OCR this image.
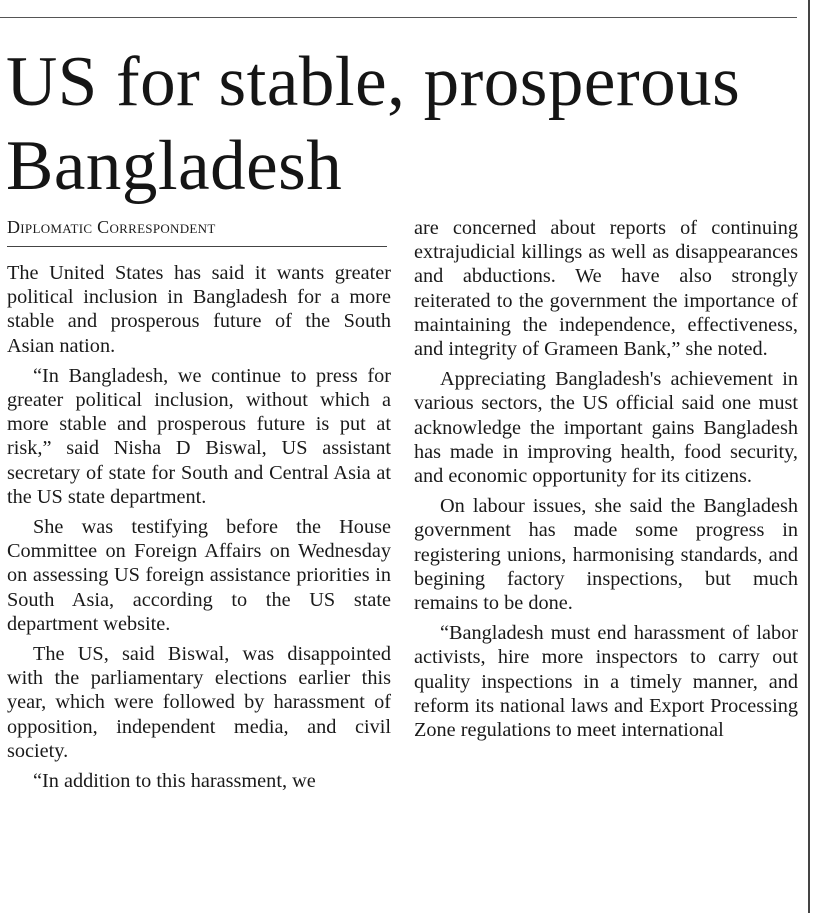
US for stable, prosperous Bangladesh
Diplomatic Correspondent

The United States has said it wants greater political inclusion in Bangladesh for a more stable and prosperous future of the South Asian nation.

“In Bangladesh, we continue to press for greater political inclusion, without which a more stable and prosperous future is put at risk,” said Nisha D Biswal, US assistant secretary of state for South and Central Asia at the US state department.

She was testifying before the House Committee on Foreign Affairs on Wednesday on assessing US foreign assistance priorities in South Asia, according to the US state department website.

The US, said Biswal, was disappointed with the parliamentary elections earlier this year, which were followed by harassment of opposition, independent media, and civil society.

“In addition to this harassment, we

are concerned about reports of continuing extrajudicial killings as well as disappearances and abductions. We have also strongly reiterated to the government the importance of maintaining the independence, effectiveness, and integrity of Grameen Bank,” she noted.

Appreciating Bangladesh's achievement in various sectors, the US official said one must acknowledge the important gains Bangladesh has made in improving health, food security, and economic opportunity for its citizens.

On labour issues, she said the Bangladesh government has made some progress in registering unions, harmonising standards, and begining factory inspections, but much remains to be done.

“Bangladesh must end harassment of labor activists, hire more inspectors to carry out quality inspections in a timely manner, and reform its national laws and Export Processing Zone regulations to meet international
